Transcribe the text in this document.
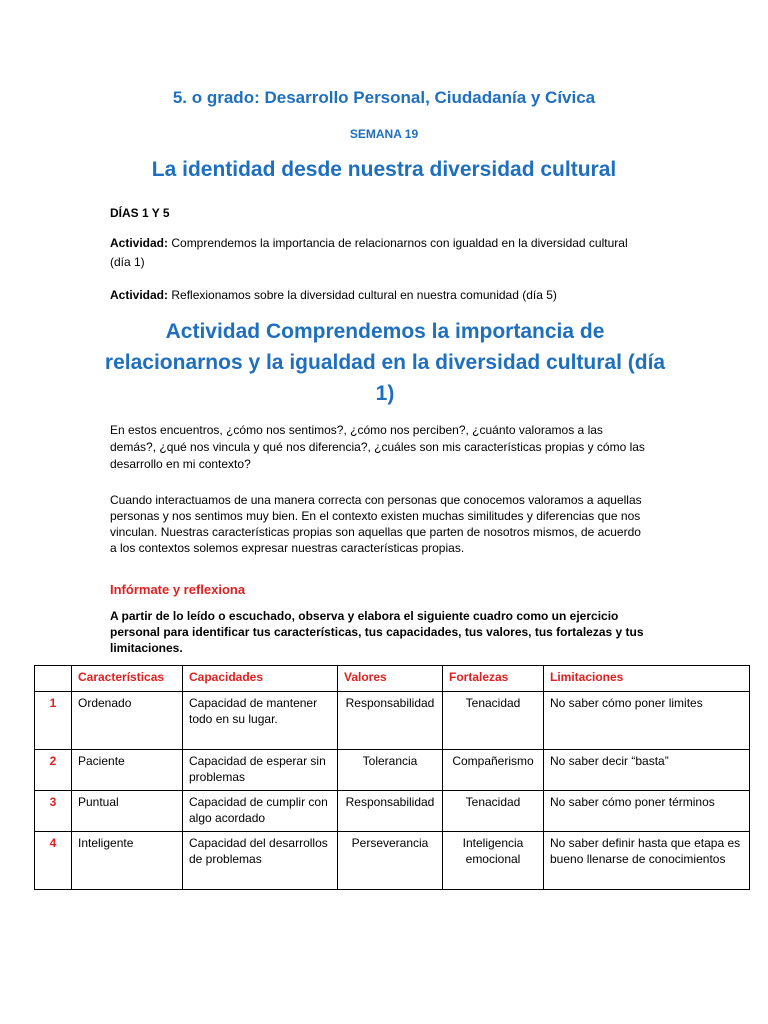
5. o grado: Desarrollo Personal, Ciudadanía y Cívica
SEMANA 19
La identidad desde nuestra diversidad cultural
DÍAS 1 Y 5
Actividad: Comprendemos la importancia de relacionarnos con igualdad en la diversidad cultural (día 1)
Actividad: Reflexionamos sobre la diversidad cultural en nuestra comunidad (día 5)
Actividad Comprendemos la importancia de relacionarnos y la igualdad en la diversidad cultural (día 1)
En estos encuentros, ¿cómo nos sentimos?, ¿cómo nos perciben?, ¿cuánto valoramos a las demás?, ¿qué nos vincula y qué nos diferencia?, ¿cuáles son mis características propias y cómo las desarrollo en mi contexto?
Cuando interactuamos de una manera correcta con personas que conocemos valoramos a aquellas personas y nos sentimos muy bien. En el contexto existen muchas similitudes y diferencias que nos vinculan. Nuestras características propias son aquellas que parten de nosotros mismos, de acuerdo a los contextos solemos expresar nuestras características propias.
Infórmate y reflexiona
A partir de lo leído o escuchado, observa y elabora el siguiente cuadro como un ejercicio personal para identificar tus características, tus capacidades, tus valores, tus fortalezas y tus limitaciones.
	Características	Capacidades	Valores	Fortalezas	Limitaciones
1	Ordenado	Capacidad de mantener todo en su lugar.	Responsabilidad	Tenacidad	No saber cómo poner limites
2	Paciente	Capacidad de esperar sin problemas	Tolerancia	Compañerismo	No saber decir “basta”
3	Puntual	Capacidad de cumplir con algo acordado	Responsabilidad	Tenacidad	No saber cómo poner términos
4	Inteligente	Capacidad del desarrollos de problemas	Perseverancia	Inteligencia emocional	No saber definir hasta que etapa es bueno llenarse de conocimientos
